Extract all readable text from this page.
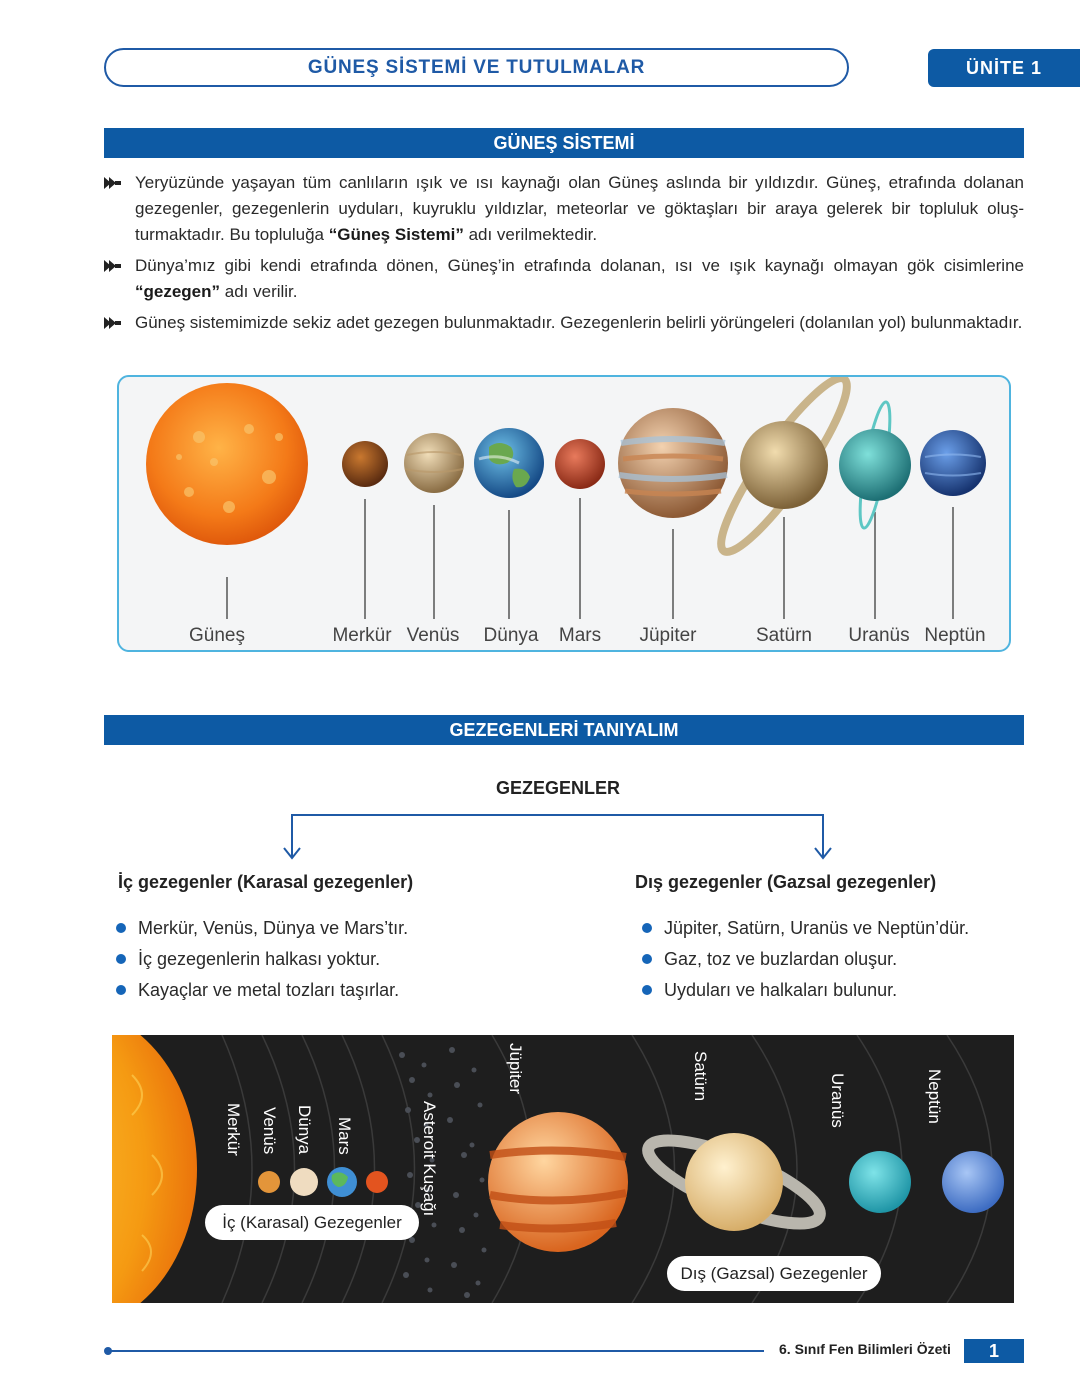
GÜNEŞ SİSTEMİ VE TUTULMALAR	ÜNİTE 1
GÜNEŞ SİSTEMİ
Yeryüzünde yaşayan tüm canlıların ışık ve ısı kaynağı olan Güneş aslında bir yıldızdır. Güneş, etrafında dolanan gezegenler, gezegenlerin uyduları, kuyruklu yıldızlar, meteorlar ve göktaşları bir araya gelerek bir topluluk oluşturmaktadır. Bu topluluğa “Güneş Sistemi” adı verilmektedir.
Dünya’mız gibi kendi etrafında dönen, Güneş’in etrafında dolanan, ısı ve ışık kaynağı olmayan gök cisimlerine “gezegen” adı verilir.
Güneş sistemimizde sekiz adet gezegen bulunmaktadır. Gezegenlerin belirli yörüngeleri (dolanılan yol) bulunmaktadır.
Güneş	Merkür Venüs Dünya Mars Jüpiter	Satürn Uranüs Neptün
GEZEGENLERİ TANIYALIM
GEZEGENLER
İç gezegenler (Karasal gezegenler)
Merkür, Venüs, Dünya ve Mars’tır.
İç gezegenlerin halkası yoktur.
Kayaçlar ve metal tozları taşırlar.
Dış gezegenler (Gazsal gezegenler)
Jüpiter, Satürn, Uranüs ve Neptün’dür.
Gaz, toz ve buzlardan oluşur.
Uyduları ve halkaları bulunur.
Merkür Venüs Dünya Mars	Asteroit Kuşağı
Jüpiter	Satürn	Uranüs	Neptün
İç (Karasal) Gezegenler
Dış (Gazsal) Gezegenler
6. Sınıf Fen Bilimleri Özeti	1
